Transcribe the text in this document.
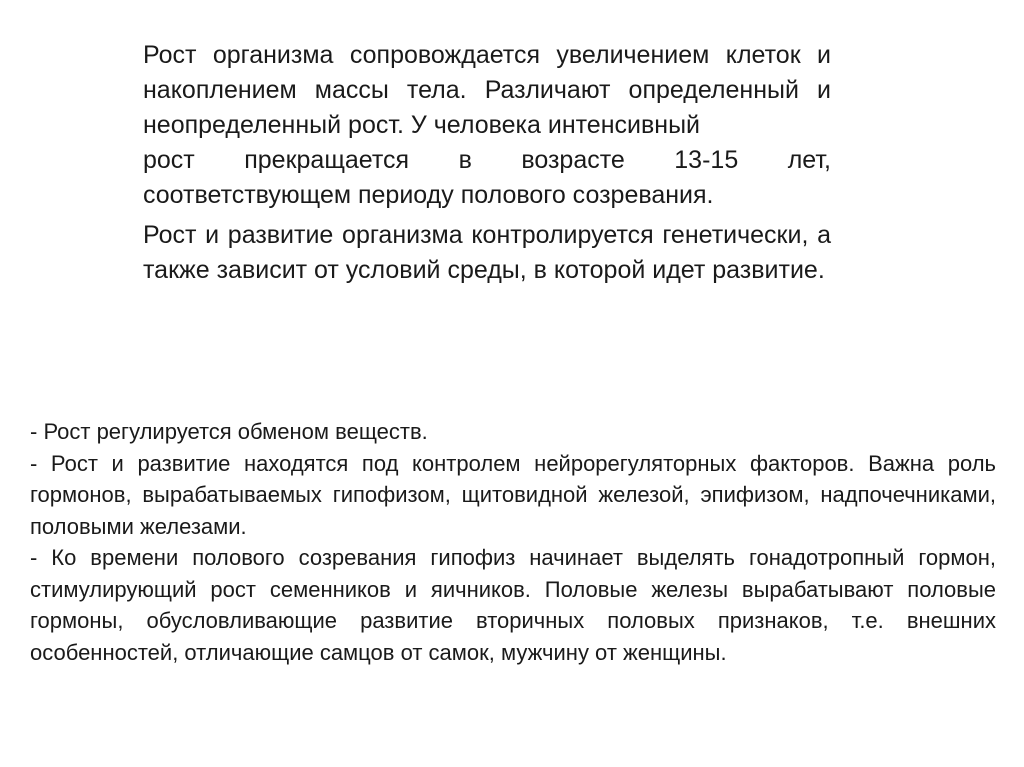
Рост организма сопровождается увеличением клеток и накоплением массы тела. Различают определенный и неопределенный рост. У человека интенсивный

рост прекращается в возрасте 13-15 лет, соответствующем периоду полового созревания.

Рост и развитие организма контролируется генетически, а также зависит от условий среды, в которой идет развитие.

- Рост регулируется обменом веществ.

- Рост и развитие находятся под контролем нейрорегуляторных факторов. Важна роль гормонов, вырабатываемых гипофизом, щитовидной железой, эпифизом, надпочечниками, половыми железами.

- Ко времени полового созревания гипофиз начинает выделять гонадотропный гормон, стимулирующий рост семенников и яичников. Половые железы вырабатывают половые гормоны, обусловливающие развитие вторичных половых признаков, т.е. внешних особенностей, отличающие самцов от самок, мужчину от женщины.
